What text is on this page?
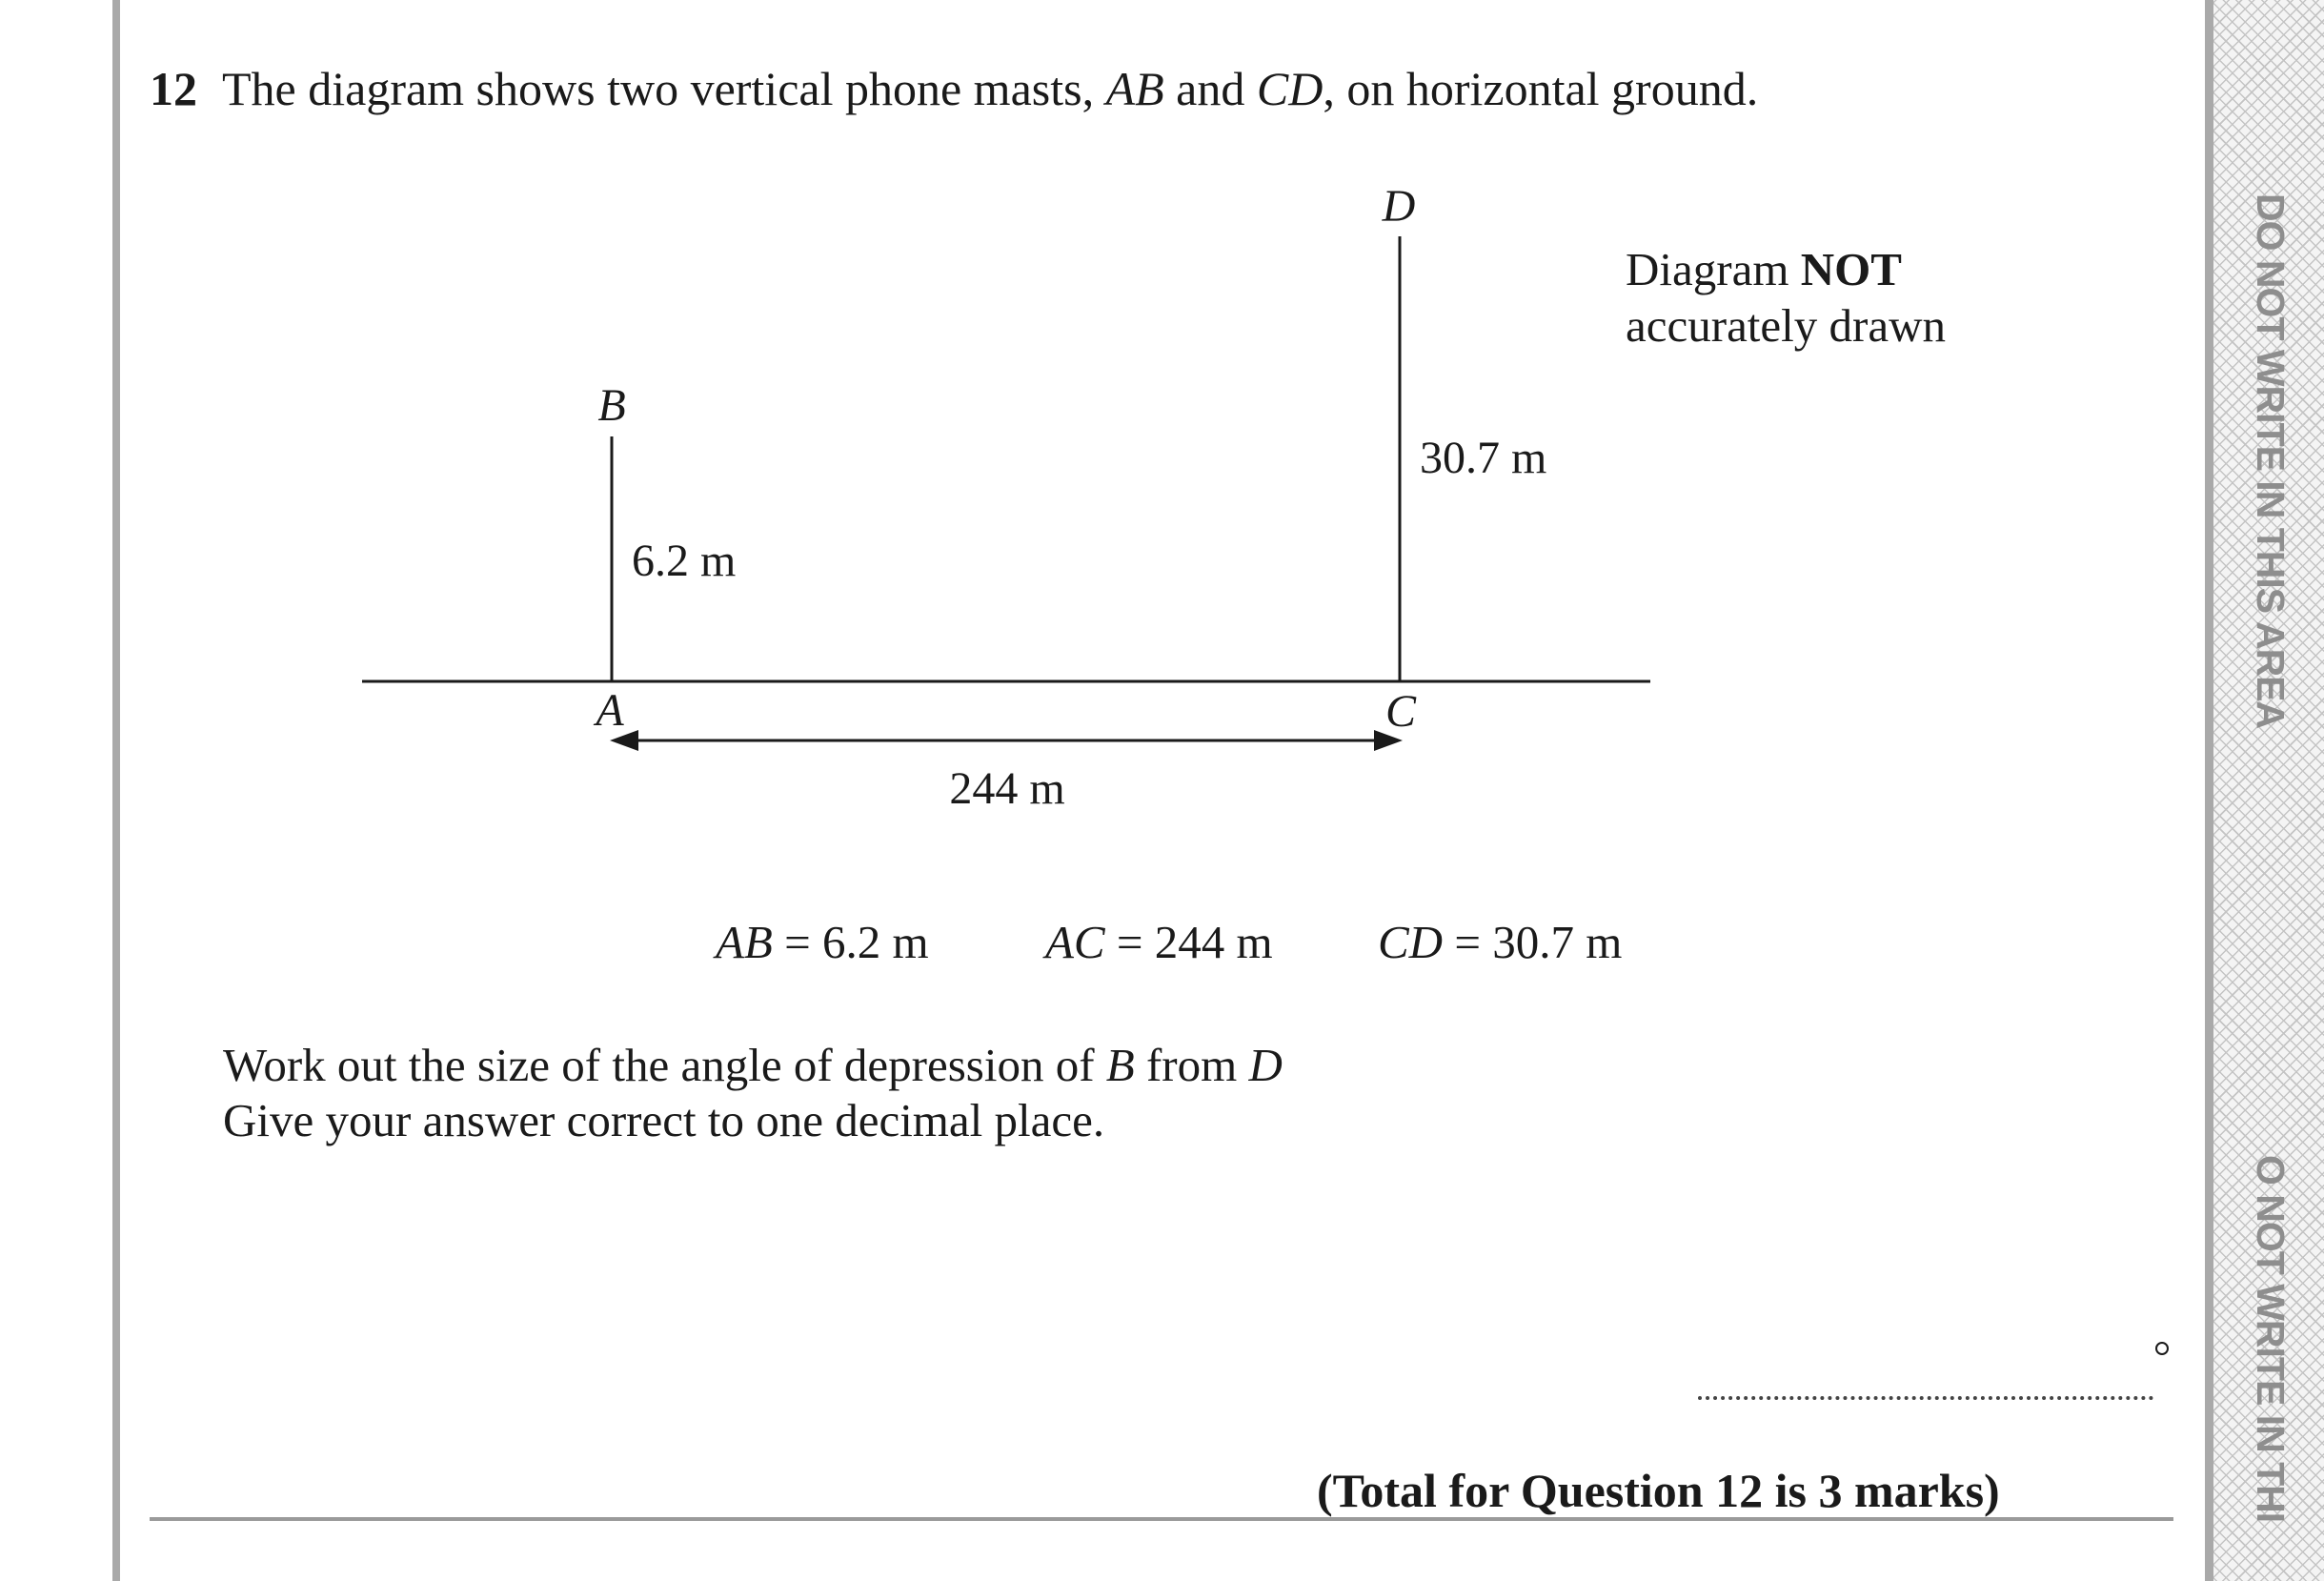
12 The diagram shows two vertical phone masts, AB and CD, on horizontal ground.
B
A
D
C
6.2 m
30.7 m
244 m
Diagram NOT
accurately drawn
AB = 6.2 m AC = 244 m CD = 30.7 m
Work out the size of the angle of depression of B from D
Give your answer correct to one decimal place.
(Total for Question 12 is 3 marks)
DO NOT WRITE IN THIS AREA
O NOT WRITE IN THI
